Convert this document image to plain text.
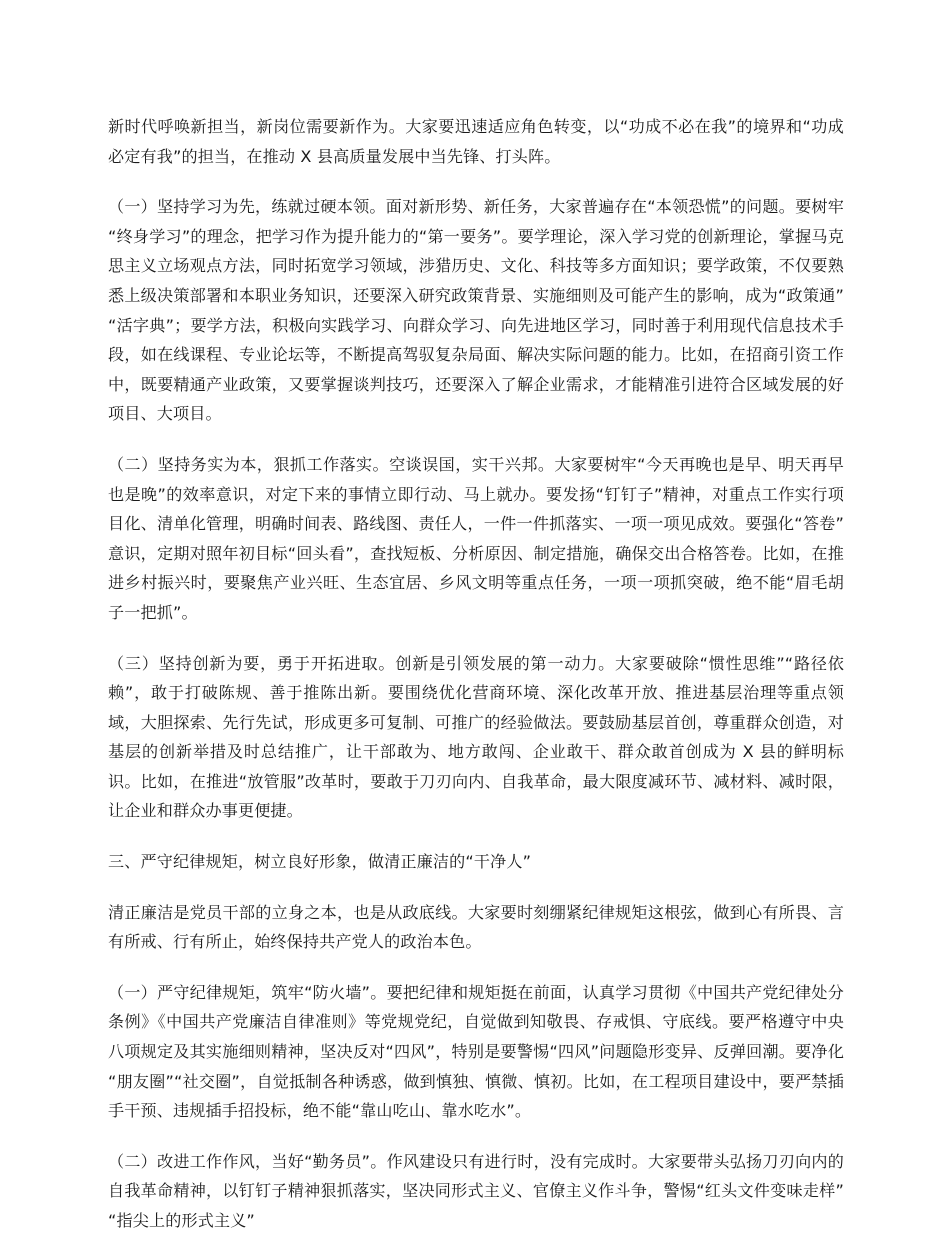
新时代呼唤新担当，新岗位需要新作为。大家要迅速适应角色转变，以“功成不必在我”的境界和“功成必定有我”的担当，在推动 X 县高质量发展中当先锋、打头阵。

（一）坚持学习为先，练就过硬本领。面对新形势、新任务，大家普遍存在“本领恐慌”的问题。要树牢“终身学习”的理念，把学习作为提升能力的“第一要务”。要学理论，深入学习党的创新理论，掌握马克思主义立场观点方法，同时拓宽学习领域，涉猎历史、文化、科技等多方面知识；要学政策，不仅要熟悉上级决策部署和本职业务知识，还要深入研究政策背景、实施细则及可能产生的影响，成为“政策通”“活字典”；要学方法，积极向实践学习、向群众学习、向先进地区学习，同时善于利用现代信息技术手段，如在线课程、专业论坛等，不断提高驾驭复杂局面、解决实际问题的能力。比如，在招商引资工作中，既要精通产业政策，又要掌握谈判技巧，还要深入了解企业需求，才能精准引进符合区域发展的好项目、大项目。

（二）坚持务实为本，狠抓工作落实。空谈误国，实干兴邦。大家要树牢“今天再晚也是早、明天再早也是晚”的效率意识，对定下来的事情立即行动、马上就办。要发扬“钉钉子”精神，对重点工作实行项目化、清单化管理，明确时间表、路线图、责任人，一件一件抓落实、一项一项见成效。要强化“答卷”意识，定期对照年初目标“回头看”，查找短板、分析原因、制定措施，确保交出合格答卷。比如，在推进乡村振兴时，要聚焦产业兴旺、生态宜居、乡风文明等重点任务，一项一项抓突破，绝不能“眉毛胡子一把抓”。

（三）坚持创新为要，勇于开拓进取。创新是引领发展的第一动力。大家要破除“惯性思维”“路径依赖”，敢于打破陈规、善于推陈出新。要围绕优化营商环境、深化改革开放、推进基层治理等重点领域，大胆探索、先行先试，形成更多可复制、可推广的经验做法。要鼓励基层首创，尊重群众创造，对基层的创新举措及时总结推广，让干部敢为、地方敢闯、企业敢干、群众敢首创成为 X 县的鲜明标识。比如，在推进“放管服”改革时，要敢于刀刃向内、自我革命，最大限度减环节、减材料、减时限，让企业和群众办事更便捷。

三、严守纪律规矩，树立良好形象，做清正廉洁的“干净人”

清正廉洁是党员干部的立身之本，也是从政底线。大家要时刻绷紧纪律规矩这根弦，做到心有所畏、言有所戒、行有所止，始终保持共产党人的政治本色。

（一）严守纪律规矩，筑牢“防火墙”。要把纪律和规矩挺在前面，认真学习贯彻《中国共产党纪律处分条例》《中国共产党廉洁自律准则》等党规党纪，自觉做到知敬畏、存戒惧、守底线。要严格遵守中央八项规定及其实施细则精神，坚决反对“四风”，特别是要警惕“四风”问题隐形变异、反弹回潮。要净化“朋友圈”“社交圈”，自觉抵制各种诱惑，做到慎独、慎微、慎初。比如，在工程项目建设中，要严禁插手干预、违规插手招投标，绝不能“靠山吃山、靠水吃水”。

（二）改进工作作风，当好“勤务员”。作风建设只有进行时，没有完成时。大家要带头弘扬刀刃向内的自我革命精神，以钉钉子精神狠抓落实，坚决同形式主义、官僚主义作斗争，警惕“红头文件变味走样”“指尖上的形式主义”
